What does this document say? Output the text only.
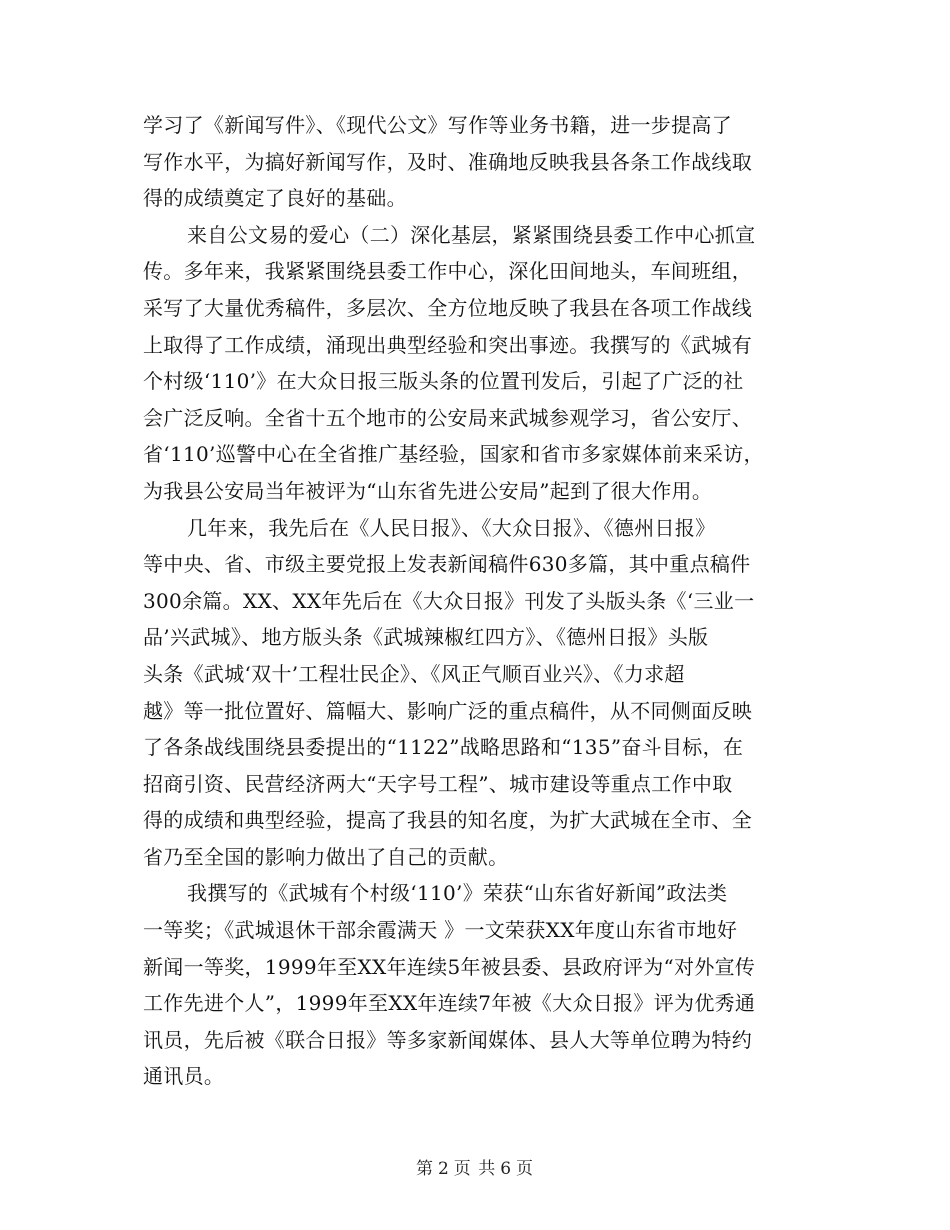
学习了《新闻写件》、《现代公文》写作等业务书籍，进一步提高了
写作水平，为搞好新闻写作，及时、准确地反映我县各条工作战线取
得的成绩奠定了良好的基础。

来自公文易的爱心（二）深化基层，紧紧围绕县委工作中心抓宣
传。多年来，我紧紧围绕县委工作中心，深化田间地头，车间班组，
采写了大量优秀稿件，多层次、全方位地反映了我县在各项工作战线
上取得了工作成绩，涌现出典型经验和突出事迹。我撰写的《武城有
个村级‘110’》在大众日报三版头条的位置刊发后，引起了广泛的社
会广泛反响。全省十五个地市的公安局来武城参观学习，省公安厅、
省‘110’巡警中心在全省推广基经验，国家和省市多家媒体前来采访，
为我县公安局当年被评为“山东省先进公安局”起到了很大作用。

几年来，我先后在《人民日报》、《大众日报》、《德州日报》
等中央、省、市级主要党报上发表新闻稿件630多篇，其中重点稿件
300余篇。XX、XX年先后在《大众日报》刊发了头版头条《‘三业一
品’兴武城》、地方版头条《武城辣椒红四方》、《德州日报》头版
头条《武城‘双十’工程壮民企》、《风正气顺百业兴》、《力求超
越》等一批位置好、篇幅大、影响广泛的重点稿件，从不同侧面反映
了各条战线围绕县委提出的“1122”战略思路和“135”奋斗目标，在
招商引资、民营经济两大“天字号工程”、城市建设等重点工作中取
得的成绩和典型经验，提高了我县的知名度，为扩大武城在全市、全
省乃至全国的影响力做出了自己的贡献。

我撰写的《武城有个村级‘110’》荣获“山东省好新闻”政法类
一等奖；《武城退休干部余霞满天 》一文荣获XX年度山东省市地好
新闻一等奖，1999年至XX年连续5年被县委、县政府评为“对外宣传
工作先进个人”，1999年至XX年连续7年被《大众日报》评为优秀通
讯员，先后被《联合日报》等多家新闻媒体、县人大等单位聘为特约
通讯员。

第 2 页 共 6 页
